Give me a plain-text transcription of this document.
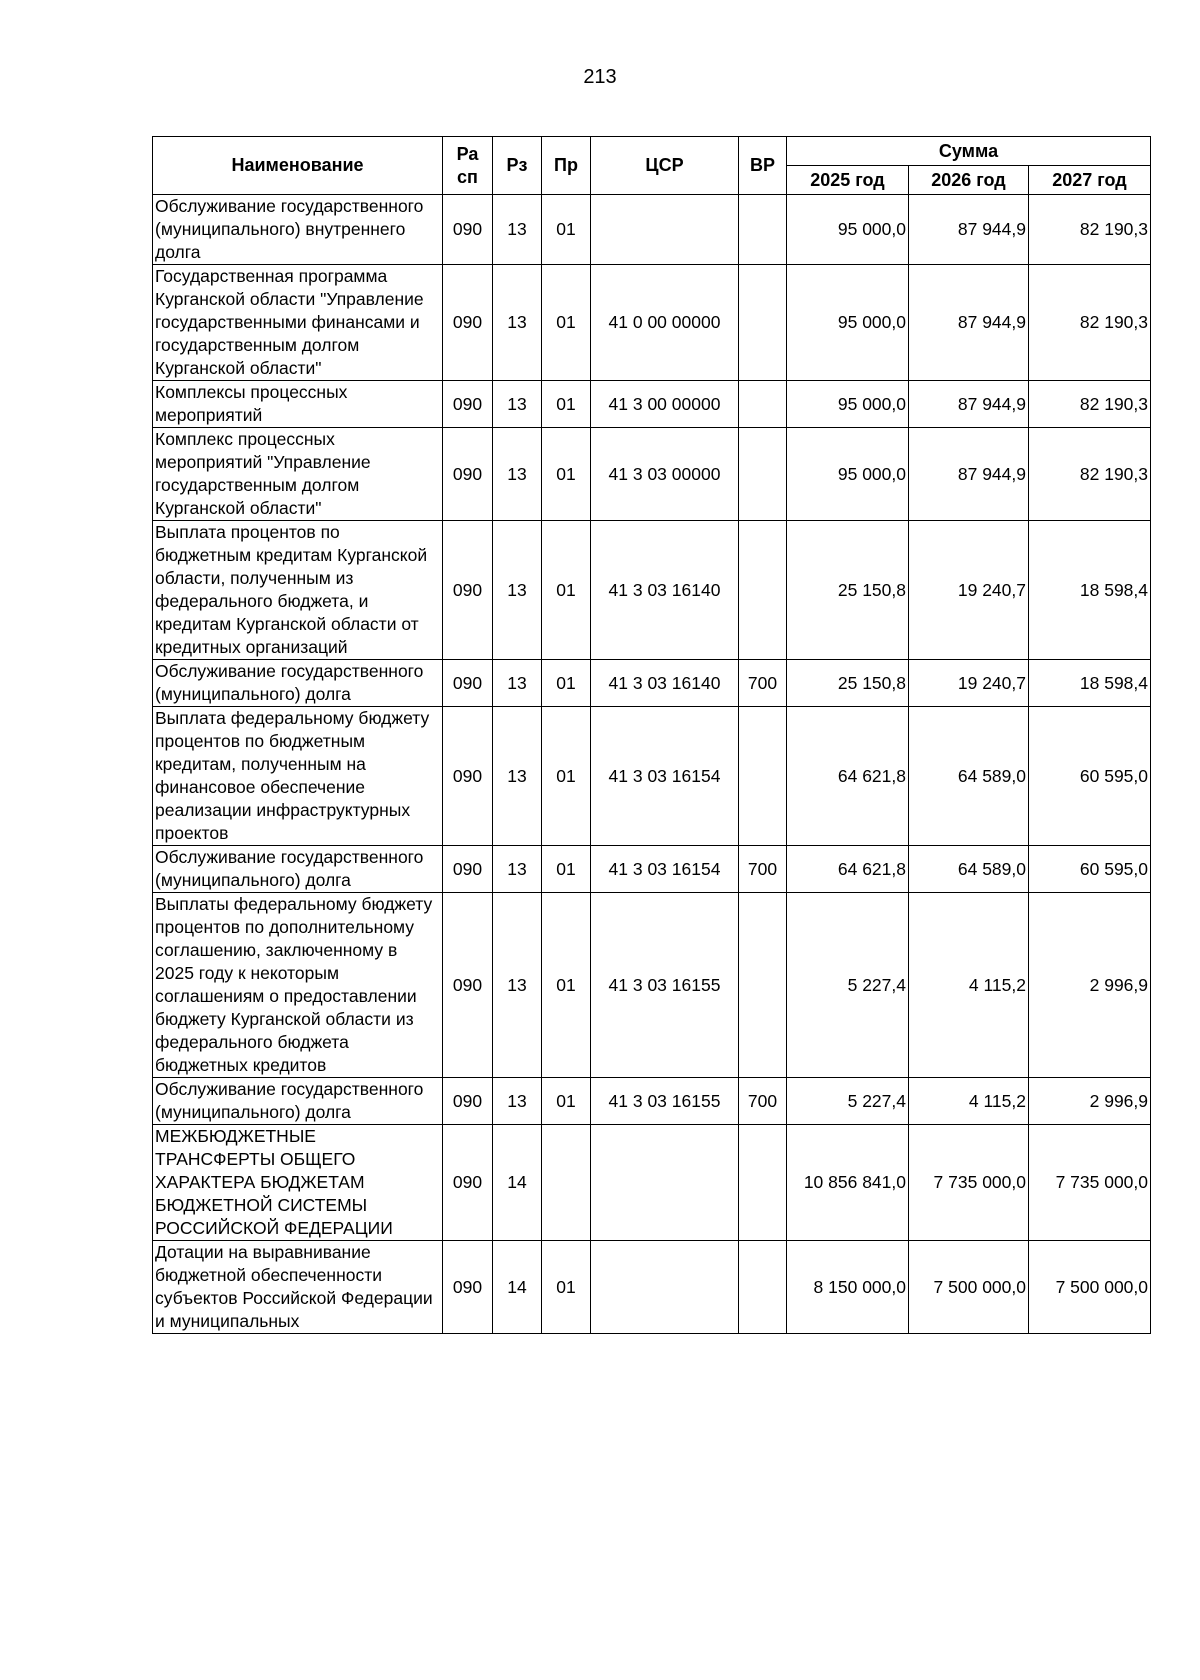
213
Наименование	Ра сп	Рз	Пр	ЦСР	ВР	Сумма		
						2025 год	2026 год	2027 год
Обслуживание государственного (муниципального) внутреннего долга	090	13	01			95 000,0	87 944,9	82 190,3
Государственная программа Курганской области "Управление государственными финансами и государственным долгом Курганской области"	090	13	01	41 0 00 00000		95 000,0	87 944,9	82 190,3
Комплексы процессных мероприятий	090	13	01	41 3 00 00000		95 000,0	87 944,9	82 190,3
Комплекс процессных мероприятий "Управление государственным долгом Курганской области"	090	13	01	41 3 03 00000		95 000,0	87 944,9	82 190,3
Выплата процентов по бюджетным кредитам Курганской области, полученным из федерального бюджета, и кредитам Курганской области от кредитных организаций	090	13	01	41 3 03 16140		25 150,8	19 240,7	18 598,4
Обслуживание государственного (муниципального) долга	090	13	01	41 3 03 16140	700	25 150,8	19 240,7	18 598,4
Выплата федеральному бюджету процентов по бюджетным кредитам, полученным на финансовое обеспечение реализации инфраструктурных проектов	090	13	01	41 3 03 16154		64 621,8	64 589,0	60 595,0
Обслуживание государственного (муниципального) долга	090	13	01	41 3 03 16154	700	64 621,8	64 589,0	60 595,0
Выплаты федеральному бюджету процентов по дополнительному соглашению, заключенному в 2025 году к некоторым соглашениям о предоставлении бюджету Курганской области из федерального бюджета бюджетных кредитов	090	13	01	41 3 03 16155		5 227,4	4 115,2	2 996,9
Обслуживание государственного (муниципального) долга	090	13	01	41 3 03 16155	700	5 227,4	4 115,2	2 996,9
МЕЖБЮДЖЕТНЫЕ ТРАНСФЕРТЫ ОБЩЕГО ХАРАКТЕРА БЮДЖЕТАМ БЮДЖЕТНОЙ СИСТЕМЫ РОССИЙСКОЙ ФЕДЕРАЦИИ	090	14				10 856 841,0	7 735 000,0	7 735 000,0
Дотации на выравнивание бюджетной обеспеченности субъектов Российской Федерации и муниципальных	090	14	01			8 150 000,0	7 500 000,0	7 500 000,0
